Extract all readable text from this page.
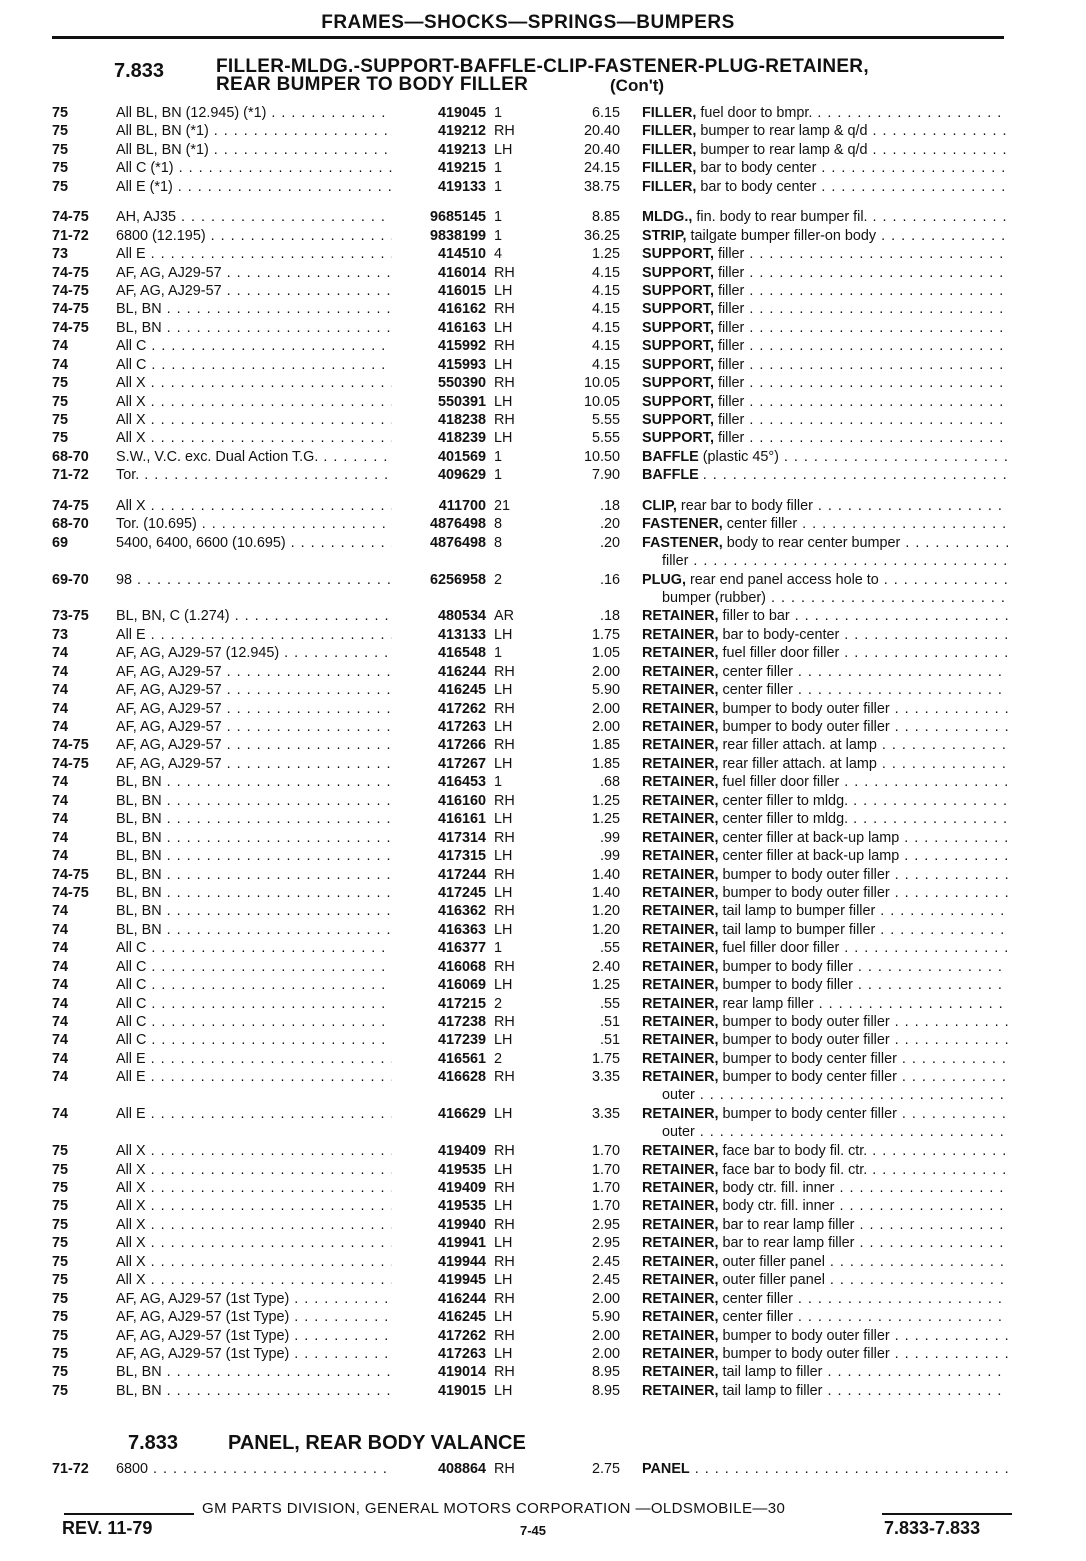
FRAMES—SHOCKS—SPRINGS—BUMPERS
7.833	FILLER-MLDG.-SUPPORT-BAFFLE-CLIP-FASTENER-PLUG-RETAINER,
REAR BUMPER TO BODY FILLER	(Con't)
75	All BL, BN (12.945) (*1) . . .	419045 1	6.15 FILLER, fuel door to bmpr. . . .
75	All BL, BN (*1) . . .	419212 RH	20.40 FILLER, bumper to rear lamp & q/d . . .
75	All BL, BN (*1) . . .	419213 LH	20.40 FILLER, bumper to rear lamp & q/d . . .
75	All C (*1) . . .	419215 1	24.15 FILLER, bar to body center . . .
75	All E (*1) . . .	419133 1	38.75 FILLER, bar to body center . . .
74-75	AH, AJ35 . . .	9685145 1	8.85 MLDG., fin. body to rear bumper fil. . . .
71-72	6800 (12.195) . . .	9838199 1	36.25 STRIP, tailgate bumper filler-on body . . .
73	All E . . .	414510 4	1.25 SUPPORT, filler . . .
74-75	AF, AG, AJ29-57 . . .	416014 RH	4.15 SUPPORT, filler . . .
74-75	AF, AG, AJ29-57 . . .	416015 LH	4.15 SUPPORT, filler . . .
74-75	BL, BN . . .	416162 RH	4.15 SUPPORT, filler . . .
74-75	BL, BN . . .	416163 LH	4.15 SUPPORT, filler . . .
74	All C . . .	415992 RH	4.15 SUPPORT, filler . . .
74	All C . . .	415993 LH	4.15 SUPPORT, filler . . .
75	All X . . .	550390 RH	10.05 SUPPORT, filler . . .
75	All X . . .	550391 LH	10.05 SUPPORT, filler . . .
75	All X . . .	418238 RH	5.55 SUPPORT, filler . . .
75	All X . . .	418239 LH	5.55 SUPPORT, filler . . .
68-70	S.W., V.C. exc. Dual Action T.G. . . .	401569 1	10.50 BAFFLE (plastic 45°) . . .
71-72	Tor. . . .	409629 1	7.90 BAFFLE . . .
74-75	All X . . .	411700 21	.18 CLIP, rear bar to body filler . . .
68-70	Tor. (10.695) . . .	4876498 8	.20 FASTENER, center filler . . .
69	5400, 6400, 6600 (10.695) . . .	4876498 8	.20 FASTENER, body to rear center bumper . . .
filler . . .
69-70	98 . . .	6256958 2	.16 PLUG, rear end panel access hole to . . .
bumper (rubber) . . .
73-75	BL, BN, C (1.274) . . .	480534 AR	.18 RETAINER, filler to bar . . .
73	All E . . .	413133 LH	1.75 RETAINER, bar to body-center . . .
74	AF, AG, AJ29-57 (12.945) . . .	416548 1	1.05 RETAINER, fuel filler door filler . . .
74	AF, AG, AJ29-57 . . .	416244 RH	2.00 RETAINER, center filler . . .
74	AF, AG, AJ29-57 . . .	416245 LH	5.90 RETAINER, center filler . . .
74	AF, AG, AJ29-57 . . .	417262 RH	2.00 RETAINER, bumper to body outer filler . . .
74	AF, AG, AJ29-57 . . .	417263 LH	2.00 RETAINER, bumper to body outer filler . . .
74-75	AF, AG, AJ29-57 . . .	417266 RH	1.85 RETAINER, rear filler attach. at lamp . . .
74-75	AF, AG, AJ29-57 . . .	417267 LH	1.85 RETAINER, rear filler attach. at lamp . . .
74	BL, BN . . .	416453 1	.68 RETAINER, fuel filler door filler . . .
74	BL, BN . . .	416160 RH	1.25 RETAINER, center filler to mldg. . . .
74	BL, BN . . .	416161 LH	1.25 RETAINER, center filler to mldg. . . .
74	BL, BN . . .	417314 RH	.99 RETAINER, center filler at back-up lamp . . .
74	BL, BN . . .	417315 LH	.99 RETAINER, center filler at back-up lamp . . .
74-75	BL, BN . . .	417244 RH	1.40 RETAINER, bumper to body outer filler . . .
74-75	BL, BN . . .	417245 LH	1.40 RETAINER, bumper to body outer filler . . .
74	BL, BN . . .	416362 RH	1.20 RETAINER, tail lamp to bumper filler . . .
74	BL, BN . . .	416363 LH	1.20 RETAINER, tail lamp to bumper filler . . .
74	All C . . .	416377 1	.55 RETAINER, fuel filler door filler . . .
74	All C . . .	416068 RH	2.40 RETAINER, bumper to body filler . . .
74	All C . . .	416069 LH	1.25 RETAINER, bumper to body filler . . .
74	All C . . .	417215 2	.55 RETAINER, rear lamp filler . . .
74	All C . . .	417238 RH	.51 RETAINER, bumper to body outer filler . . .
74	All C . . .	417239 LH	.51 RETAINER, bumper to body outer filler . . .
74	All E . . .	416561 2	1.75 RETAINER, bumper to body center filler . . .
74	All E . . .	416628 RH	3.35 RETAINER, bumper to body center filler . . .
outer . . .
74	All E . . .	416629 LH	3.35 RETAINER, bumper to body center filler . . .
outer . . .
75	All X . . .	419409 RH	1.70 RETAINER, face bar to body fil. ctr. . . .
75	All X . . .	419535 LH	1.70 RETAINER, face bar to body fil. ctr. . . .
75	All X . . .	419409 RH	1.70 RETAINER, body ctr. fill. inner . . .
75	All X . . .	419535 LH	1.70 RETAINER, body ctr. fill. inner . . .
75	All X . . .	419940 RH	2.95 RETAINER, bar to rear lamp filler . . .
75	All X . . .	419941 LH	2.95 RETAINER, bar to rear lamp filler . . .
75	All X . . .	419944 RH	2.45 RETAINER, outer filler panel . . .
75	All X . . .	419945 LH	2.45 RETAINER, outer filler panel . . .
75	AF, AG, AJ29-57 (1st Type) . . .	416244 RH	2.00 RETAINER, center filler . . .
75	AF, AG, AJ29-57 (1st Type) . . .	416245 LH	5.90 RETAINER, center filler . . .
75	AF, AG, AJ29-57 (1st Type) . . .	417262 RH	2.00 RETAINER, bumper to body outer filler . . .
75	AF, AG, AJ29-57 (1st Type) . . .	417263 LH	2.00 RETAINER, bumper to body outer filler . . .
75	BL, BN . . .	419014 RH	8.95 RETAINER, tail lamp to filler . . .
75	BL, BN . . .	419015 LH	8.95 RETAINER, tail lamp to filler . . .
7.833 PANEL, REAR BODY VALANCE
71-72	6800 . . .	408864 RH	2.75 PANEL . . .
GM PARTS DIVISION, GENERAL MOTORS CORPORATION —OLDSMOBILE—30
REV. 11-79	7-45	7.833-7.833
